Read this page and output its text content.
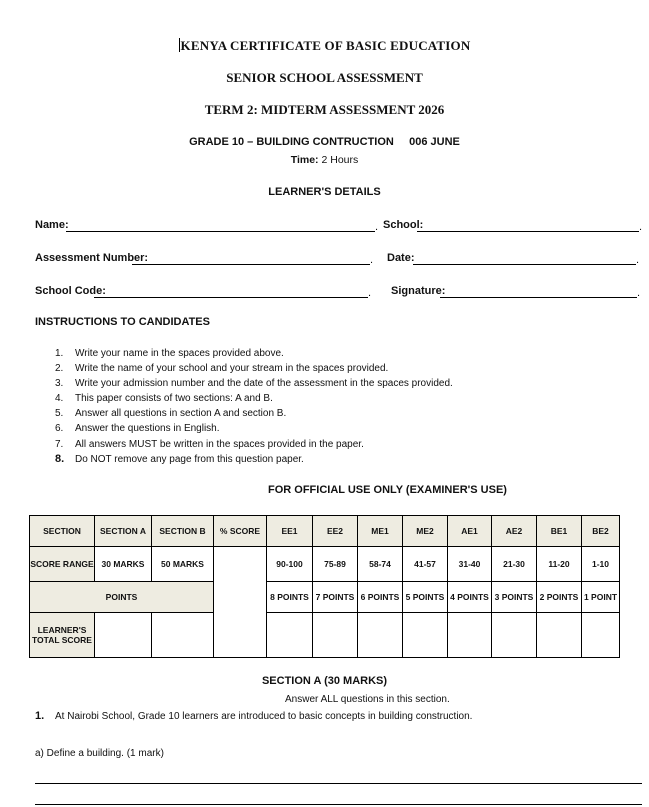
KENYA CERTIFICATE OF BASIC EDUCATION
SENIOR SCHOOL ASSESSMENT
TERM 2: MIDTERM ASSESSMENT 2026
GRADE 10 – BUILDING CONTRUCTION     006 JUNE
Time: 2 Hours
LEARNER'S DETAILS
Name:	. School:	.
Assessment Number:	. Date:	.
School Code:	. Signature:	.
INSTRUCTIONS TO CANDIDATES
1. Write your name in the spaces provided above.
2. Write the name of your school and your stream in the spaces provided.
3. Write your admission number and the date of the assessment in the spaces provided.
4. This paper consists of two sections: A and B.
5. Answer all questions in section A and section B.
6. Answer the questions in English.
7. All answers MUST be written in the spaces provided in the paper.
8. Do NOT remove any page from this question paper.
FOR OFFICIAL USE ONLY (EXAMINER'S USE)
SECTION	SECTION A	SECTION B	% SCORE	EE1	EE2	ME1	ME2	AE1	AE2	BE1	BE2
SCORE RANGE	30 MARKS	50 MARKS		90-100	75-89	58-74	41-57	31-40	21-30	11-20	1-10
POINTS				8 POINTS	7 POINTS	6 POINTS	5 POINTS	4 POINTS	3 POINTS	2 POINTS	1 POINT
LEARNER'S
TOTAL SCORE											
SECTION A (30 MARKS)
Answer ALL questions in this section.
1. At Nairobi School, Grade 10 learners are introduced to basic concepts in building construction.
a) Define a building. (1 mark)
